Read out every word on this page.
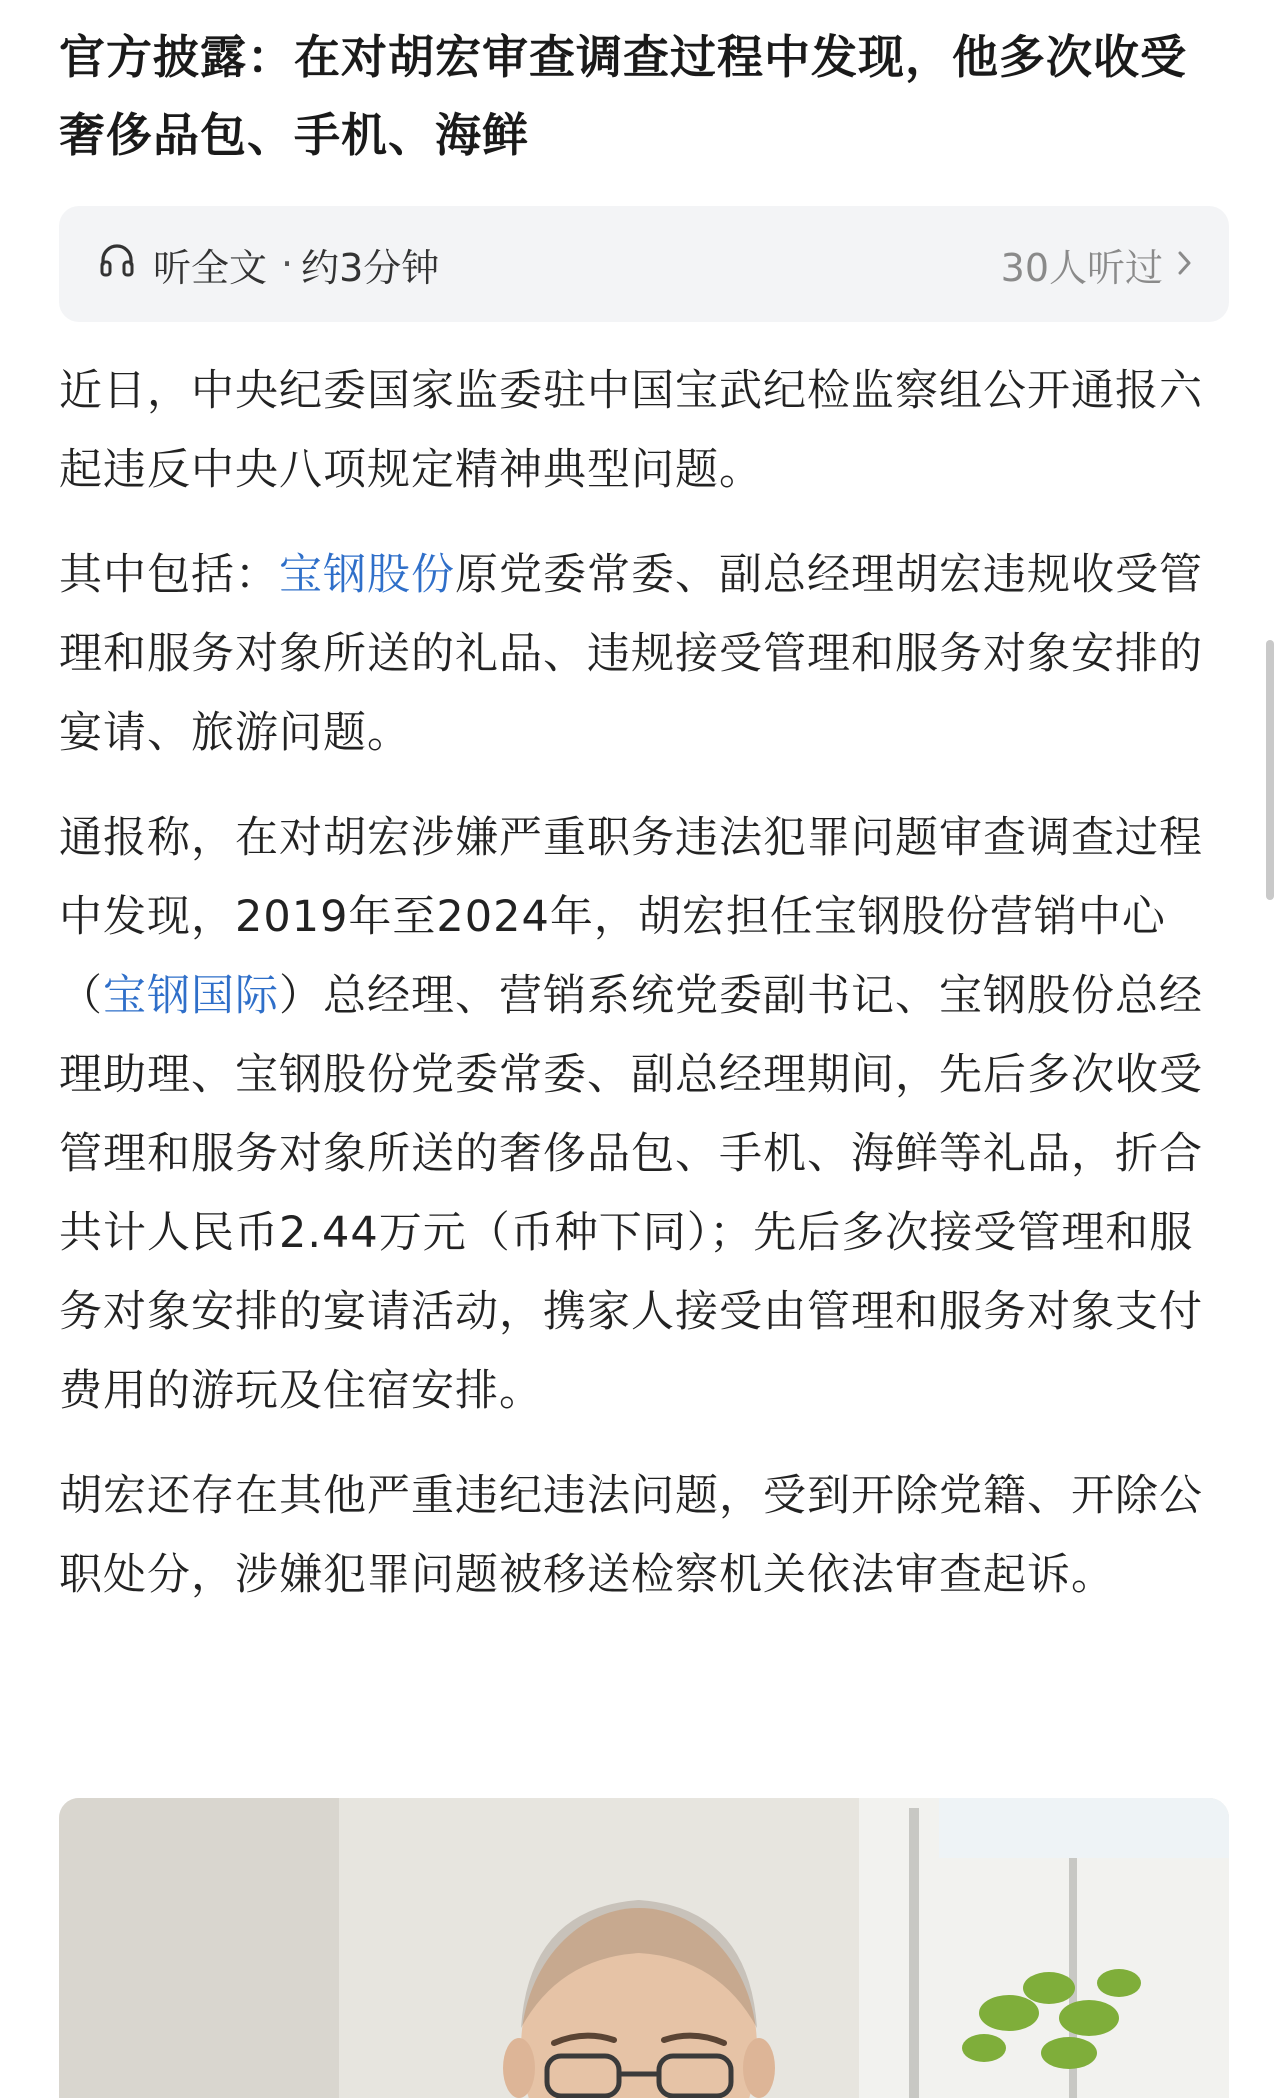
官方披露：在对胡宏审查调查过程中发现，他多次收受奢侈品包、手机、海鲜
听全文 · 约3分钟	30人听过

近日，中央纪委国家监委驻中国宝武纪检监察组公开通报六起违反中央八项规定精神典型问题。

其中包括：宝钢股份原党委常委、副总经理胡宏违规收受管理和服务对象所送的礼品、违规接受管理和服务对象安排的宴请、旅游问题。

通报称，在对胡宏涉嫌严重职务违法犯罪问题审查调查过程中发现，2019年至2024年，胡宏担任宝钢股份营销中心（宝钢国际）总经理、营销系统党委副书记、宝钢股份总经理助理、宝钢股份党委常委、副总经理期间，先后多次收受管理和服务对象所送的奢侈品包、手机、海鲜等礼品，折合共计人民币2.44万元（币种下同）；先后多次接受管理和服务对象安排的宴请活动，携家人接受由管理和服务对象支付费用的游玩及住宿安排。

胡宏还存在其他严重违纪违法问题，受到开除党籍、开除公职处分，涉嫌犯罪问题被移送检察机关依法审查起诉。
